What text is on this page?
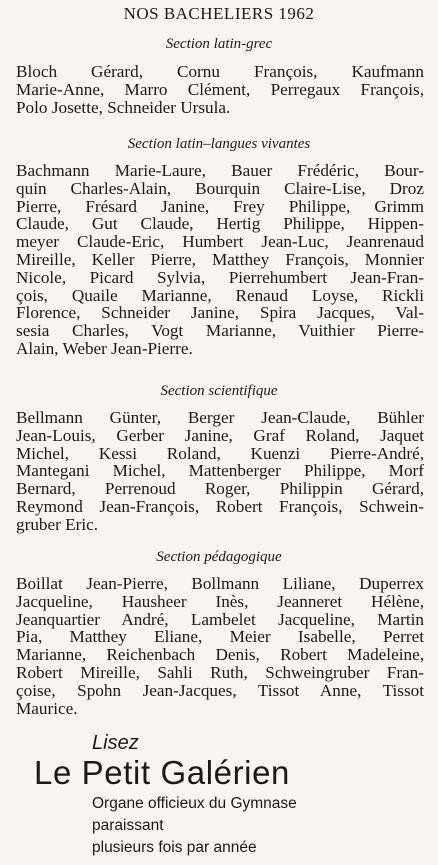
NOS BACHELIERS 1962
Section latin-grec
Bloch Gérard, Cornu François, Kaufmann
Marie-Anne, Marro Clément, Perregaux François,
Polo Josette, Schneider Ursula.
Section latin–langues vivantes
Bachmann Marie-Laure, Bauer Frédéric, Bour-
quin Charles-Alain, Bourquin Claire-Lise, Droz
Pierre, Frésard Janine, Frey Philippe, Grimm
Claude, Gut Claude, Hertig Philippe, Hippen-
meyer Claude-Eric, Humbert Jean-Luc, Jeanrenaud
Mireille, Keller Pierre, Matthey François, Monnier
Nicole, Picard Sylvia, Pierrehumbert Jean-Fran-
çois, Quaile Marianne, Renaud Loyse, Rickli
Florence, Schneider Janine, Spira Jacques, Val-
sesia Charles, Vogt Marianne, Vuithier Pierre-
Alain, Weber Jean-Pierre.
Section scientifique
Bellmann Günter, Berger Jean-Claude, Bühler
Jean-Louis, Gerber Janine, Graf Roland, Jaquet
Michel, Kessi Roland, Kuenzi Pierre-André,
Mantegani Michel, Mattenberger Philippe, Morf
Bernard, Perrenoud Roger, Philippin Gérard,
Reymond Jean-François, Robert François, Schwein-
gruber Eric.
Section pédagogique
Boillat Jean-Pierre, Bollmann Liliane, Duperrex
Jacqueline, Hausheer Inès, Jeanneret Hélène,
Jeanquartier André, Lambelet Jacqueline, Martin
Pia, Matthey Eliane, Meier Isabelle, Perret
Marianne, Reichenbach Denis, Robert Madeleine,
Robert Mireille, Sahli Ruth, Schweingruber Fran-
çoise, Spohn Jean-Jacques, Tissot Anne, Tissot
Maurice.
Lisez
Le Petit Galérien
Organe officieux du Gymnase
paraissant
plusieurs fois par année
